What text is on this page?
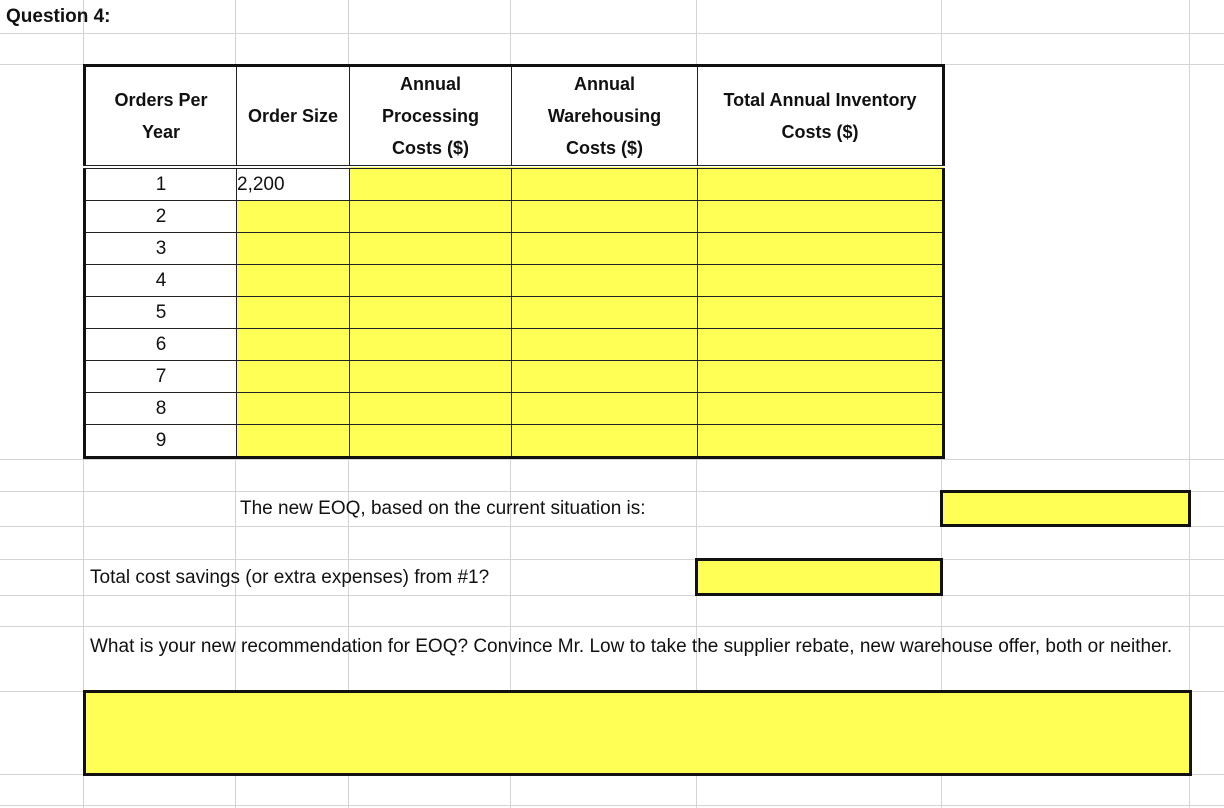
Question 4:
Orders Per Year	Order Size	Annual Processing Costs ($)	Annual Warehousing Costs ($)	Total Annual Inventory Costs ($)

1	2,200			
2				
3				
4				
5				
6				
7				
8				
9				
The new EOQ, based on the current situation is:
Total cost savings (or extra expenses) from #1?
What is your new recommendation for EOQ? Convince Mr. Low to take the supplier rebate, new warehouse offer, both or neither.
